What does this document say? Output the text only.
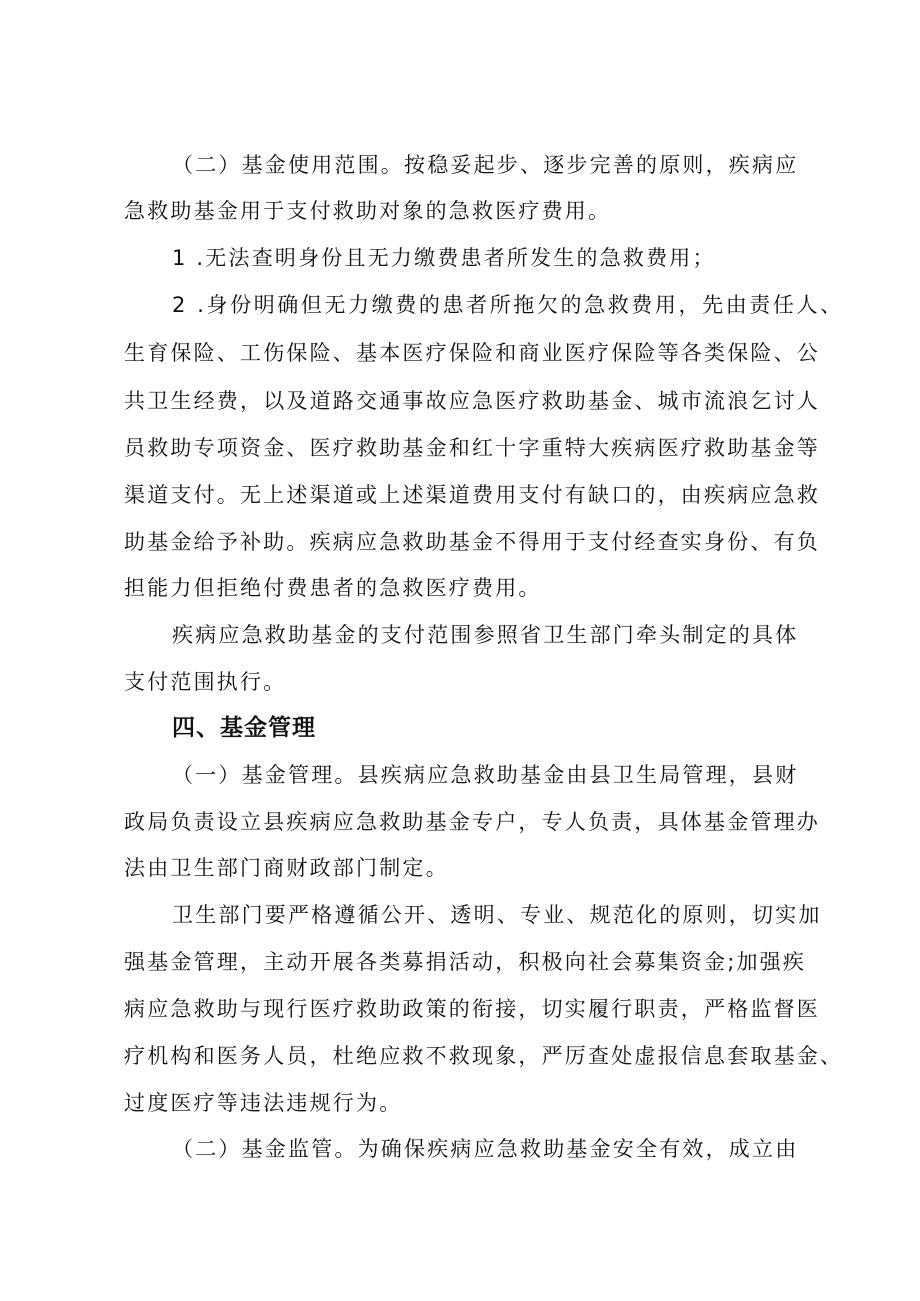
（二）基金使用范围。按稳妥起步、逐步完善的原则，疾病应
急救助基金用于支付救助对象的急救医疗费用。
1 .无法查明身份且无力缴费患者所发生的急救费用；
2 .身份明确但无力缴费的患者所拖欠的急救费用，先由责任人、
生育保险、工伤保险、基本医疗保险和商业医疗保险等各类保险、公
共卫生经费，以及道路交通事故应急医疗救助基金、城市流浪乞讨人
员救助专项资金、医疗救助基金和红十字重特大疾病医疗救助基金等
渠道支付。无上述渠道或上述渠道费用支付有缺口的，由疾病应急救
助基金给予补助。疾病应急救助基金不得用于支付经查实身份、有负
担能力但拒绝付费患者的急救医疗费用。
疾病应急救助基金的支付范围参照省卫生部门牵头制定的具体
支付范围执行。
四、基金管理
（一）基金管理。县疾病应急救助基金由县卫生局管理，县财
政局负责设立县疾病应急救助基金专户，专人负责，具体基金管理办
法由卫生部门商财政部门制定。
卫生部门要严格遵循公开、透明、专业、规范化的原则，切实加
强基金管理，主动开展各类募捐活动，积极向社会募集资金;加强疾
病应急救助与现行医疗救助政策的衔接，切实履行职责，严格监督医
疗机构和医务人员，杜绝应救不救现象，严厉查处虚报信息套取基金、
过度医疗等违法违规行为。
（二）基金监管。为确保疾病应急救助基金安全有效，成立由
